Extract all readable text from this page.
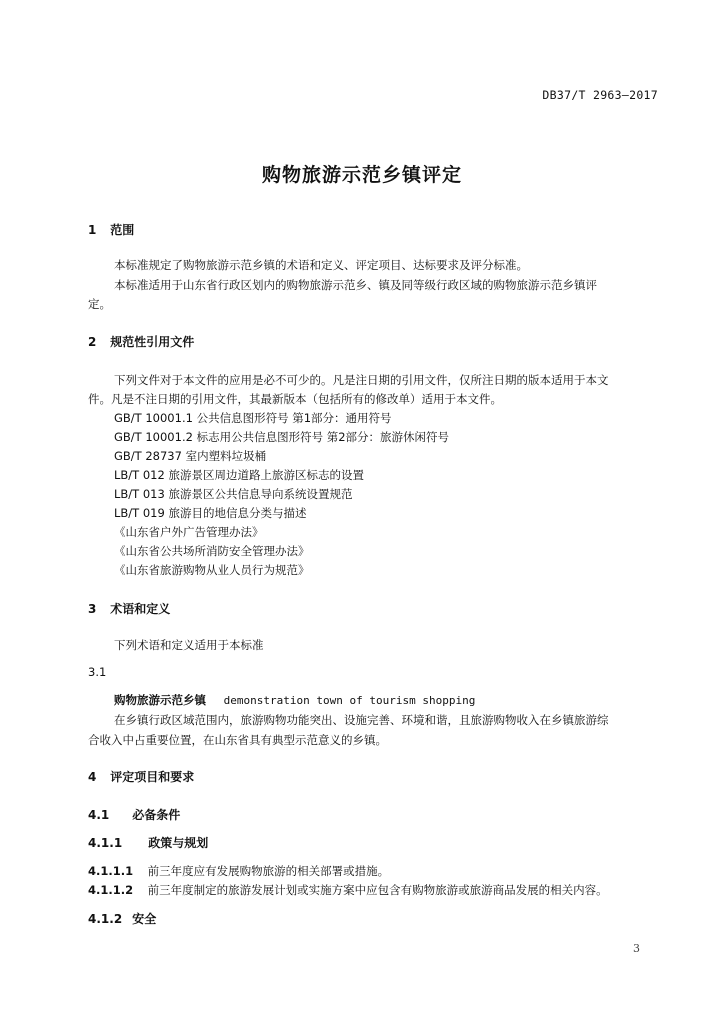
DB37/T 2963—2017
购物旅游示范乡镇评定
1 范围
本标准规定了购物旅游示范乡镇的术语和定义、评定项目、达标要求及评分标准。
本标准适用于山东省行政区划内的购物旅游示范乡、镇及同等级行政区域的购物旅游示范乡镇评
定。
2 规范性引用文件
下列文件对于本文件的应用是必不可少的。凡是注日期的引用文件，仅所注日期的版本适用于本文
件。凡是不注日期的引用文件，其最新版本（包括所有的修改单）适用于本文件。
GB/T 10001.1 公共信息图形符号 第1部分：通用符号
GB/T 10001.2 标志用公共信息图形符号 第2部分：旅游休闲符号
GB/T 28737 室内塑料垃圾桶
LB/T 012 旅游景区周边道路上旅游区标志的设置
LB/T 013 旅游景区公共信息导向系统设置规范
LB/T 019 旅游目的地信息分类与描述
《山东省户外广告管理办法》
《山东省公共场所消防安全管理办法》
《山东省旅游购物从业人员行为规范》
3 术语和定义
下列术语和定义适用于本标准
3.1
购物旅游示范乡镇 demonstration town of tourism shopping
在乡镇行政区域范围内，旅游购物功能突出、设施完善、环境和谐，且旅游购物收入在乡镇旅游综
合收入中占重要位置，在山东省具有典型示范意义的乡镇。
4 评定项目和要求
4.1 必备条件
4.1.1 政策与规划
4.1.1.1 前三年度应有发展购物旅游的相关部署或措施。
4.1.1.2 前三年度制定的旅游发展计划或实施方案中应包含有购物旅游或旅游商品发展的相关内容。
4.1.2 安全
3
